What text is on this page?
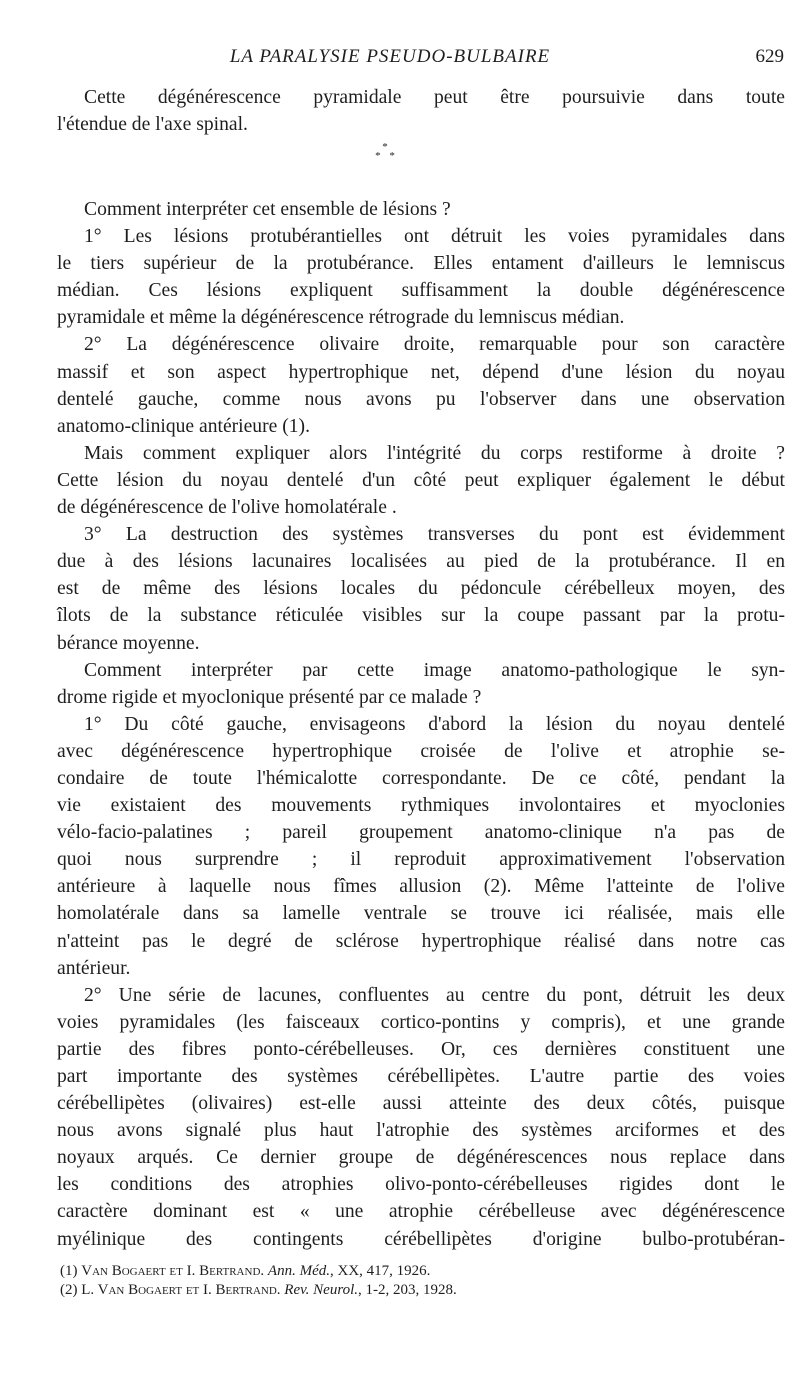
LA PARALYSIE PSEUDO-BULBAIRE	629
Cette dégénérescence pyramidale peut être poursuivie dans toute
l'étendue de l'axe spinal.
*
* *
Comment interpréter cet ensemble de lésions ?
1° Les lésions protubérantielles ont détruit les voies pyramidales dans
le tiers supérieur de la protubérance. Elles entament d'ailleurs le lemniscus
médian. Ces lésions expliquent suffisamment la double dégénérescence
pyramidale et même la dégénérescence rétrograde du lemniscus médian.
2° La dégénérescence olivaire droite, remarquable pour son caractère
massif et son aspect hypertrophique net, dépend d'une lésion du noyau
dentelé gauche, comme nous avons pu l'observer dans une observation
anatomo-clinique antérieure (1).
Mais comment expliquer alors l'intégrité du corps restiforme à droite ?
Cette lésion du noyau dentelé d'un côté peut expliquer également le début
de dégénérescence de l'olive homolatérale .
3° La destruction des systèmes transverses du pont est évidemment
due à des lésions lacunaires localisées au pied de la protubérance. Il en
est de même des lésions locales du pédoncule cérébelleux moyen, des
îlots de la substance réticulée visibles sur la coupe passant par la protu-
bérance moyenne.
Comment interpréter par cette image anatomo-pathologique le syn-
drome rigide et myoclonique présenté par ce malade ?
1° Du côté gauche, envisageons d'abord la lésion du noyau dentelé
avec dégénérescence hypertrophique croisée de l'olive et atrophie se-
condaire de toute l'hémicalotte correspondante. De ce côté, pendant la
vie existaient des mouvements rythmiques involontaires et myoclonies
vélo-facio-palatines ; pareil groupement anatomo-clinique n'a pas de
quoi nous surprendre ; il reproduit approximativement l'observation
antérieure à laquelle nous fîmes allusion (2). Même l'atteinte de l'olive
homolatérale dans sa lamelle ventrale se trouve ici réalisée, mais elle
n'atteint pas le degré de sclérose hypertrophique réalisé dans notre cas
antérieur.
2° Une série de lacunes, confluentes au centre du pont, détruit les deux
voies pyramidales (les faisceaux cortico-pontins y compris), et une grande
partie des fibres ponto-cérébelleuses. Or, ces dernières constituent une
part importante des systèmes cérébellipètes. L'autre partie des voies
cérébellipètes (olivaires) est-elle aussi atteinte des deux côtés, puisque
nous avons signalé plus haut l'atrophie des systèmes arciformes et des
noyaux arqués. Ce dernier groupe de dégénérescences nous replace dans
les conditions des atrophies olivo-ponto-cérébelleuses rigides dont le
caractère dominant est « une atrophie cérébelleuse avec dégénérescence
myélinique des contingents cérébellipètes d'origine bulbo-protubéran-
(1) Van Bogaert et I. Bertrand. Ann. Méd., XX, 417, 1926.
(2) L. Van Bogaert et I. Bertrand. Rev. Neurol., 1-2, 203, 1928.
